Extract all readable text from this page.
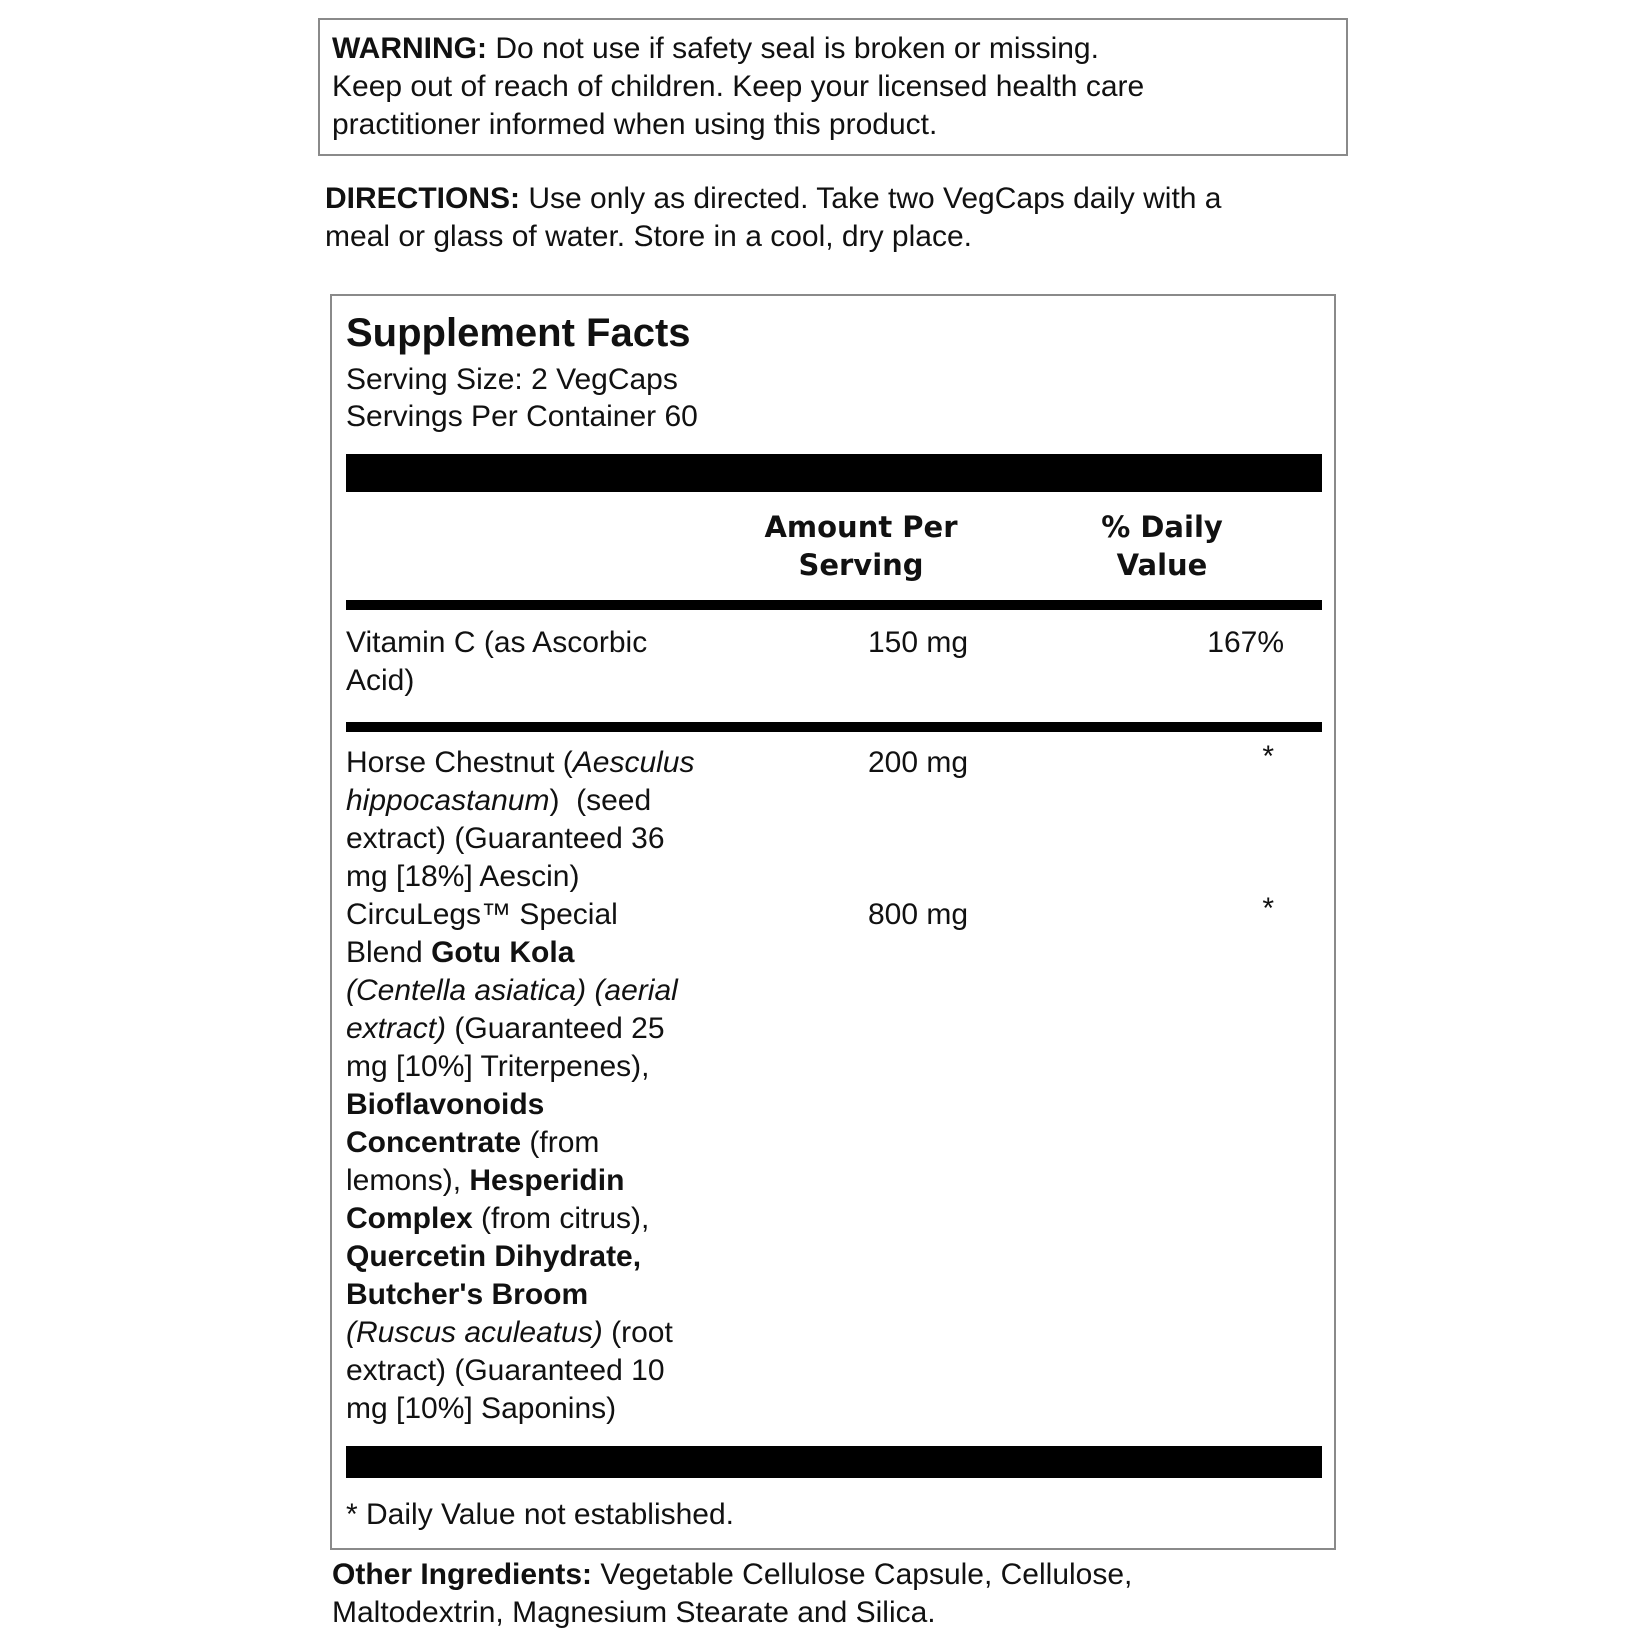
WARNING: Do not use if safety seal is broken or missing.
Keep out of reach of children. Keep your licensed health care
practitioner informed when using this product.
DIRECTIONS: Use only as directed. Take two VegCaps daily with a
meal or glass of water. Store in a cool, dry place.
Supplement Facts
Serving Size: 2 VegCaps
Servings Per Container 60
Amount Per
Serving
% Daily
Value
Vitamin C (as Ascorbic
Acid)
150 mg	167%
Horse Chestnut (Aesculus
hippocastanum)  (seed
extract) (Guaranteed 36
mg [18%] Aescin)
200 mg	*
CircuLegs™ Special
Blend Gotu Kola
(Centella asiatica) (aerial
extract) (Guaranteed 25
mg [10%] Triterpenes),
Bioflavonoids
Concentrate (from
lemons), Hesperidin
Complex (from citrus),
Quercetin Dihydrate,
Butcher's Broom
(Ruscus aculeatus) (root
extract) (Guaranteed 10
mg [10%] Saponins)
800 mg	*
* Daily Value not established.
Other Ingredients: Vegetable Cellulose Capsule, Cellulose,
Maltodextrin, Magnesium Stearate and Silica.
